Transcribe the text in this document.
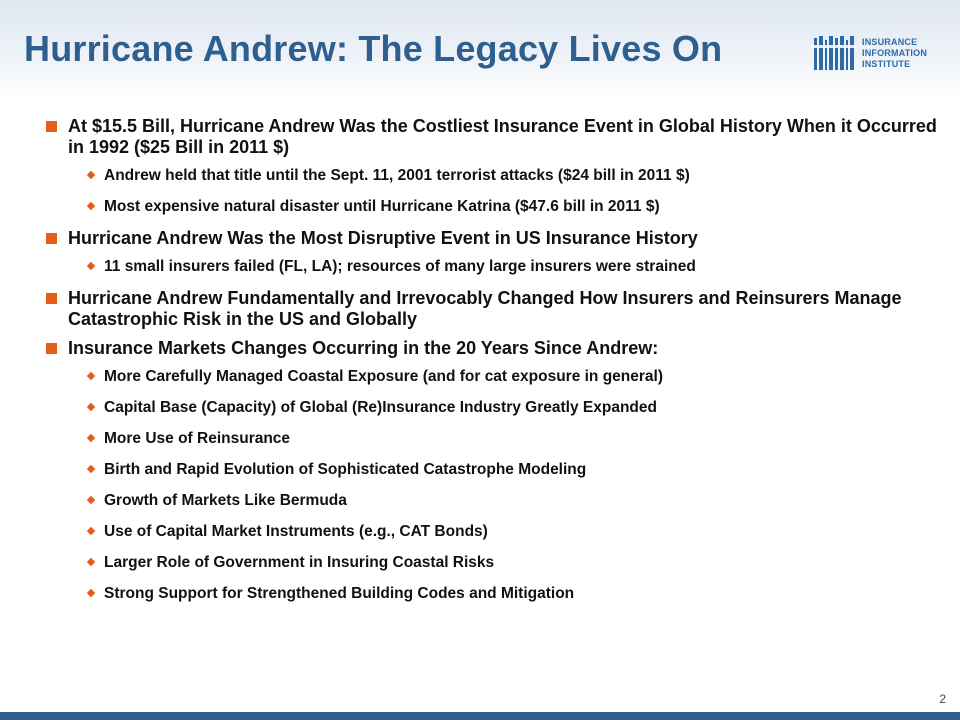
Hurricane Andrew: The Legacy Lives On	INSURANCE
INFORMATION
INSTITUTE
At $15.5 Bill, Hurricane Andrew Was the Costliest Insurance Event in Global History When it Occurred in 1992 ($25 Bill in 2011 $)
Andrew held that title until the Sept. 11, 2001 terrorist attacks ($24 bill in 2011 $)
Most expensive natural disaster until Hurricane Katrina ($47.6 bill in 2011 $)
Hurricane Andrew Was the Most Disruptive Event in US Insurance History
11 small insurers failed (FL, LA); resources of many large insurers were strained
Hurricane Andrew Fundamentally and Irrevocably Changed How Insurers and Reinsurers Manage Catastrophic Risk in the US and Globally
Insurance Markets Changes Occurring in the 20 Years Since Andrew:
More Carefully Managed Coastal Exposure (and for cat exposure in general)
Capital Base (Capacity) of Global (Re)Insurance Industry Greatly Expanded
More Use of Reinsurance
Birth and Rapid Evolution of Sophisticated Catastrophe Modeling
Growth of Markets Like Bermuda
Use of Capital Market Instruments (e.g., CAT Bonds)
Larger Role of Government in Insuring Coastal Risks
Strong Support for Strengthened Building Codes and Mitigation
2
